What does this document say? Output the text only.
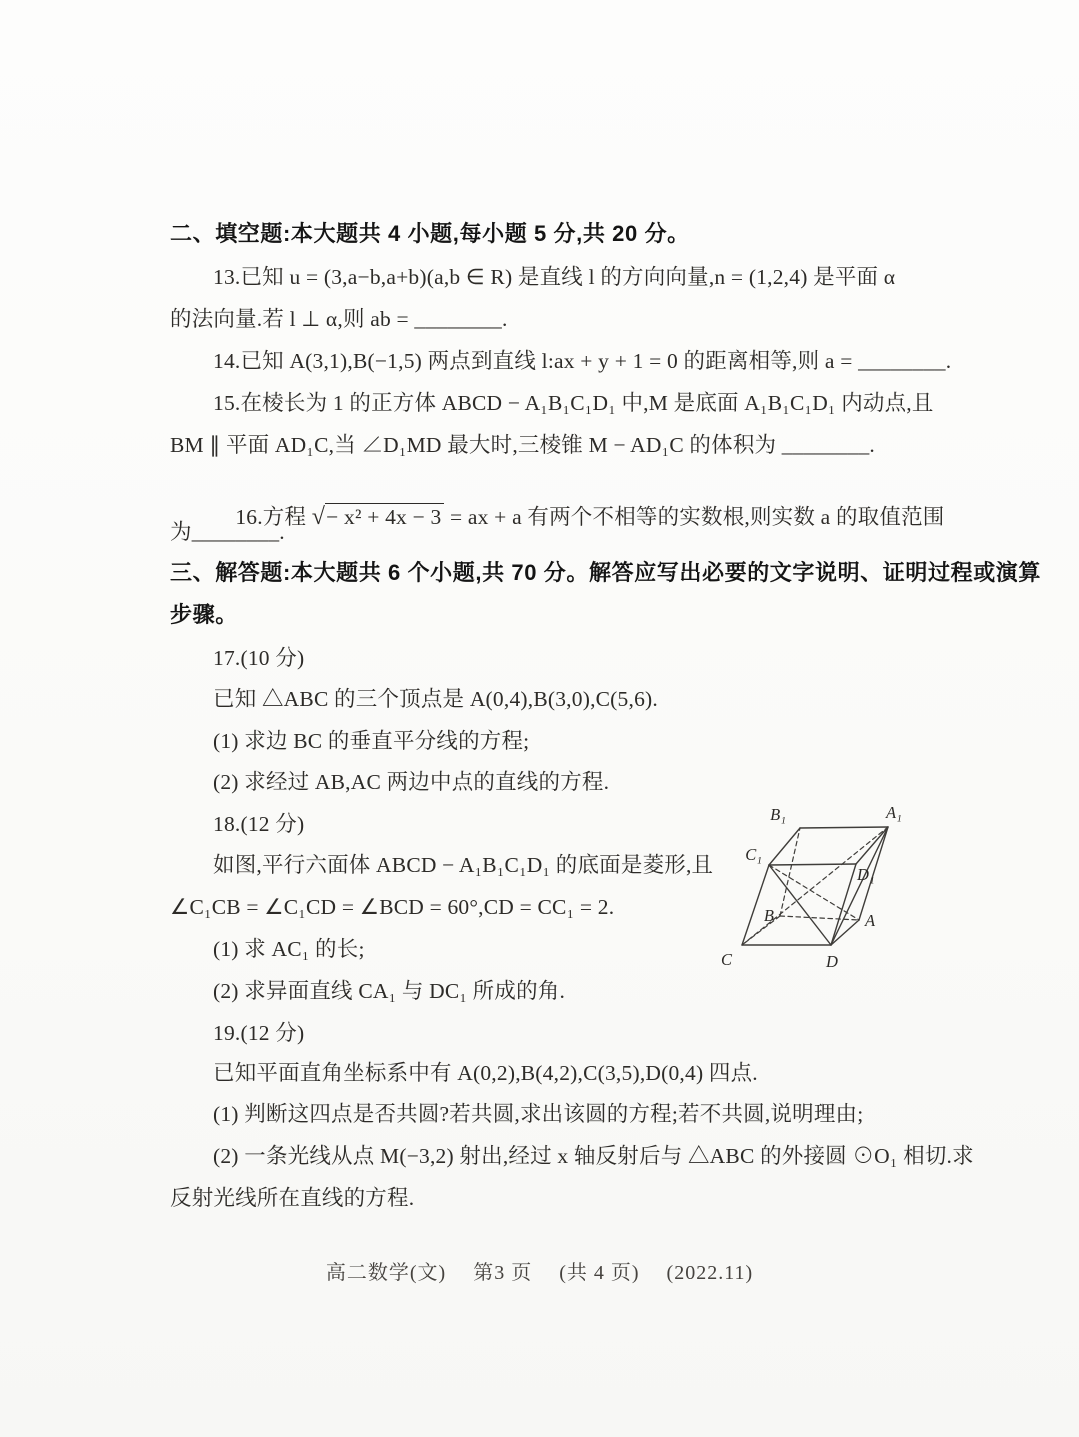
二、填空题:本大题共 4 小题,每小题 5 分,共 20 分。
13.已知 u = (3,a−b,a+b)(a,b ∈ R) 是直线 l 的方向向量,n = (1,2,4) 是平面 α
的法向量.若 l ⊥ α,则 ab = ________.
14.已知 A(3,1),B(−1,5) 两点到直线 l:ax + y + 1 = 0 的距离相等,则 a = ________.
15.在棱长为 1 的正方体 ABCD − A₁B₁C₁D₁ 中,M 是底面 A₁B₁C₁D₁ 内动点,且
BM ∥ 平面 AD₁C,当 ∠D₁MD 最大时,三棱锥 M − AD₁C 的体积为 ________.

16.方程 √− x² + 4x − 3 = ax + a 有两个不相等的实数根,则实数 a 的取值范围

为________.
三、解答题:本大题共 6 个小题,共 70 分。解答应写出必要的文字说明、证明过程或演算
步骤。
17.(10 分)
已知 △ABC 的三个顶点是 A(0,4),B(3,0),C(5,6).
(1) 求边 BC 的垂直平分线的方程;
(2) 求经过 AB,AC 两边中点的直线的方程.
18.(12 分)
如图,平行六面体 ABCD − A₁B₁C₁D₁ 的底面是菱形,且
∠C₁CB = ∠C₁CD = ∠BCD = 60°,CD = CC₁ = 2.
(1) 求 AC₁ 的长;
(2) 求异面直线 CA₁ 与 DC₁ 所成的角.
B₁	A₁
C₁
D₁
B	A
C	D
19.(12 分)
已知平面直角坐标系中有 A(0,2),B(4,2),C(3,5),D(0,4) 四点.
(1) 判断这四点是否共圆?若共圆,求出该圆的方程;若不共圆,说明理由;
(2) 一条光线从点 M(−3,2) 射出,经过 x 轴反射后与 △ABC 的外接圆 ⊙O₁ 相切.求
反射光线所在直线的方程.
高二数学(文)　 第3 页 　(共 4 页) 　(2022.11)
